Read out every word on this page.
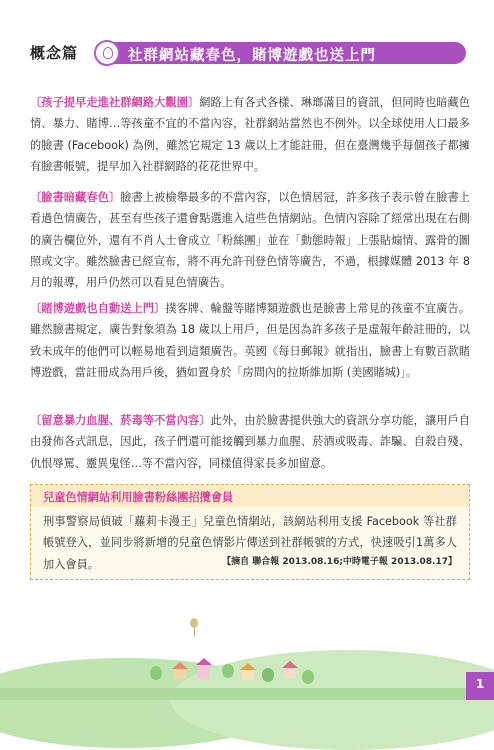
概念篇	社群網站藏春色，賭博遊戲也送上門

〔孩子提早走進社群網路大觀園〕網路上有各式各樣、琳瑯滿目的資訊，但同時也暗藏色情、暴力、賭博…等孩童不宜的不當內容，社群網站當然也不例外。以全球使用人口最多的臉書 (Facebook) 為例，雖然它規定 13 歲以上才能註冊，但在臺灣幾乎每個孩子都擁有臉書帳號，提早加入社群網路的花花世界中。

〔臉書暗藏春色〕臉書上被檢舉最多的不當內容，以色情居冠，許多孩子表示曾在臉書上看過色情廣告，甚至有些孩子還會點選進入這些色情網站。色情內容除了經常出現在右側的廣告欄位外，還有不肖人士會成立「粉絲團」並在「動態時報」上張貼煽情、露骨的圖照或文字。雖然臉書已經宣布，將不再允許刊登色情等廣告，不過，根據媒體 2013 年 8 月的報導，用戶仍然可以看見色情廣告。

〔賭博遊戲也自動送上門〕撲客牌、輪盤等賭博類遊戲也是臉書上常見的孩童不宜廣告。雖然臉書規定，廣告對象須為 18 歲以上用戶，但是因為許多孩子是虛報年齡註冊的，以致未成年的他們可以輕易地看到這類廣告。英國《每日郵報》就指出，臉書上有數百款賭博遊戲，當註冊成為用戶後，猶如置身於「房間內的拉斯維加斯 (美國賭城)」。

〔留意暴力血腥、菸毒等不當內容〕此外，由於臉書提供強大的資訊分享功能，讓用戶自由發佈各式訊息，因此，孩子們還可能接觸到暴力血腥、菸酒或吸毒、詐騙、自殺自殘、仇恨辱罵、靈異鬼怪…等不當內容，同樣值得家長多加留意。

兒童色情網站利用臉書粉絲團招攬會員

刑事警察局偵破「蘿莉卡漫王」兒童色情網站，該網站利用支援 Facebook 等社群帳號登入，並同步將新增的兒童色情影片傳送到社群帳號的方式，快速吸引1萬多人加入會員。	【摘自 聯合報 2013.08.16;中時電子報 2013.08.17】
1
